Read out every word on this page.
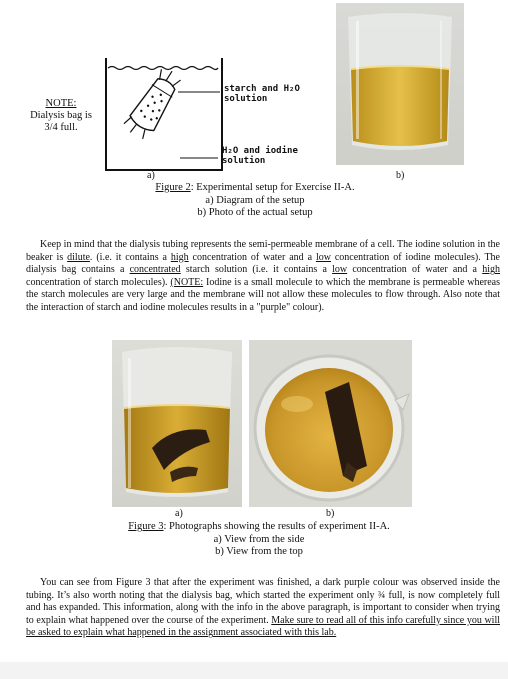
starch and H₂O solution
H₂O and iodine solution
NOTE:
Dialysis bag is 3/4 full.
a)	b)
Figure 2: Experimental setup for Exercise II-A.
a) Diagram of the setup
b) Photo of the actual setup
Keep in mind that the dialysis tubing represents the semi-permeable membrane of a cell. The iodine solution in the beaker is dilute. (i.e. it contains a high concentration of water and a low concentration of iodine molecules). The dialysis bag contains a concentrated starch solution (i.e. it contains a low concentration of water and a high concentration of starch molecules). (NOTE: Iodine is a small molecule to which the membrane is permeable whereas the starch molecules are very large and the membrane will not allow these molecules to flow through. Also note that the interaction of starch and iodine molecules results in a "purple" colour).
a)	b)
Figure 3: Photographs showing the results of experiment II-A.
a) View from the side
b) View from the top
You can see from Figure 3 that after the experiment was finished, a dark purple colour was observed inside the tubing. It’s also worth noting that the dialysis bag, which started the experiment only ¾ full, is now completely full and has expanded. This information, along with the info in the above paragraph, is important to consider when trying to explain what happened over the course of the experiment. Make sure to read all of this info carefully since you will be asked to explain what happened in the assignment associated with this lab.
